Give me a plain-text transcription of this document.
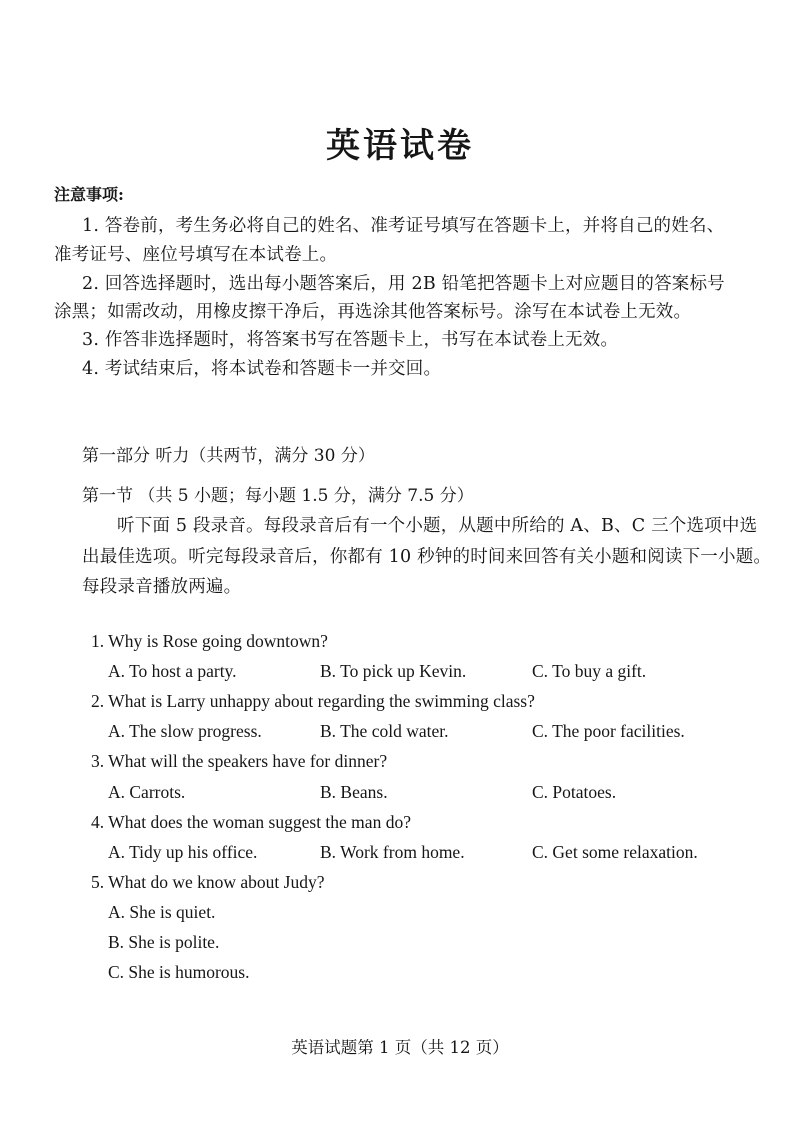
英语试卷
注意事项:
1. 答卷前，考生务必将自己的姓名、准考证号填写在答题卡上，并将自己的姓名、
准考证号、座位号填写在本试卷上。
2. 回答选择题时，选出每小题答案后，用 2B 铅笔把答题卡上对应题目的答案标号
涂黑；如需改动，用橡皮擦干净后，再选涂其他答案标号。涂写在本试卷上无效。
3. 作答非选择题时，将答案书写在答题卡上，书写在本试卷上无效。
4. 考试结束后，将本试卷和答题卡一并交回。
第一部分 听力（共两节，满分 30 分）
第一节 （共 5 小题；每小题 1.5 分，满分 7.5 分）
听下面 5 段录音。每段录音后有一个小题，从题中所给的 A、B、C 三个选项中选
出最佳选项。听完每段录音后，你都有 10 秒钟的时间来回答有关小题和阅读下一小题。
每段录音播放两遍。
1. Why is Rose going downtown?
A. To host a party.	B. To pick up Kevin.	C. To buy a gift.
2. What is Larry unhappy about regarding the swimming class?
A. The slow progress.	B. The cold water.	C. The poor facilities.
3. What will the speakers have for dinner?
A. Carrots.	B. Beans.	C. Potatoes.
4. What does the woman suggest the man do?
A. Tidy up his office.	B. Work from home.	C. Get some relaxation.
5. What do we know about Judy?
A. She is quiet.
B. She is polite.
C. She is humorous.
英语试题第 1 页（共 12 页）
